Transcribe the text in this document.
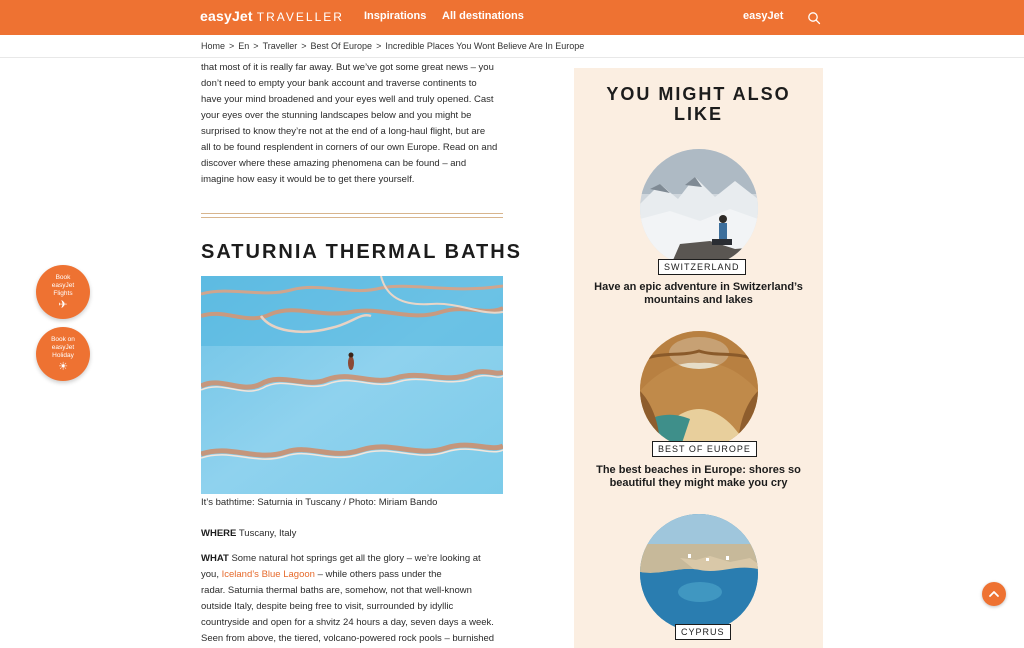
easyJet TRAVELLER Inspirations All destinations	easyJet
Home > En > Traveller > Best Of Europe > Incredible Places You Wont Believe Are In Europe
that most of it is really far away. But we’ve got some great news – you
don’t need to empty your bank account and traverse continents to
have your mind broadened and your eyes well and truly opened. Cast
your eyes over the stunning landscapes below and you might be
surprised to know they’re not at the end of a long-haul flight, but are
all to be found resplendent in corners of our own Europe. Read on and
discover where these amazing phenomena can be found – and
imagine how easy it would be to get there yourself.
SATURNIA THERMAL BATHS
It’s bathtime: Saturnia in Tuscany / Photo: Miriam Bando
WHERE Tuscany, Italy
WHAT Some natural hot springs get all the glory – we’re looking at
you, Iceland’s Blue Lagoon – while others pass under the
radar. Saturnia thermal baths are, somehow, not that well-known
outside Italy, despite being free to visit, surrounded by idyllic
countryside and open for a shvitz 24 hours a day, seven days a week.
Seen from above, the tiered, volcano-powered rock pools – burnished
Book easyJet Flights
✈
Book on easyJet Holiday
☀
YOU MIGHT ALSO
LIKE
SWITZERLAND
Have an epic adventure in Switzerland’s mountains and lakes
BEST OF EUROPE
The best beaches in Europe: shores so beautiful they might make you cry
CYPRUS
